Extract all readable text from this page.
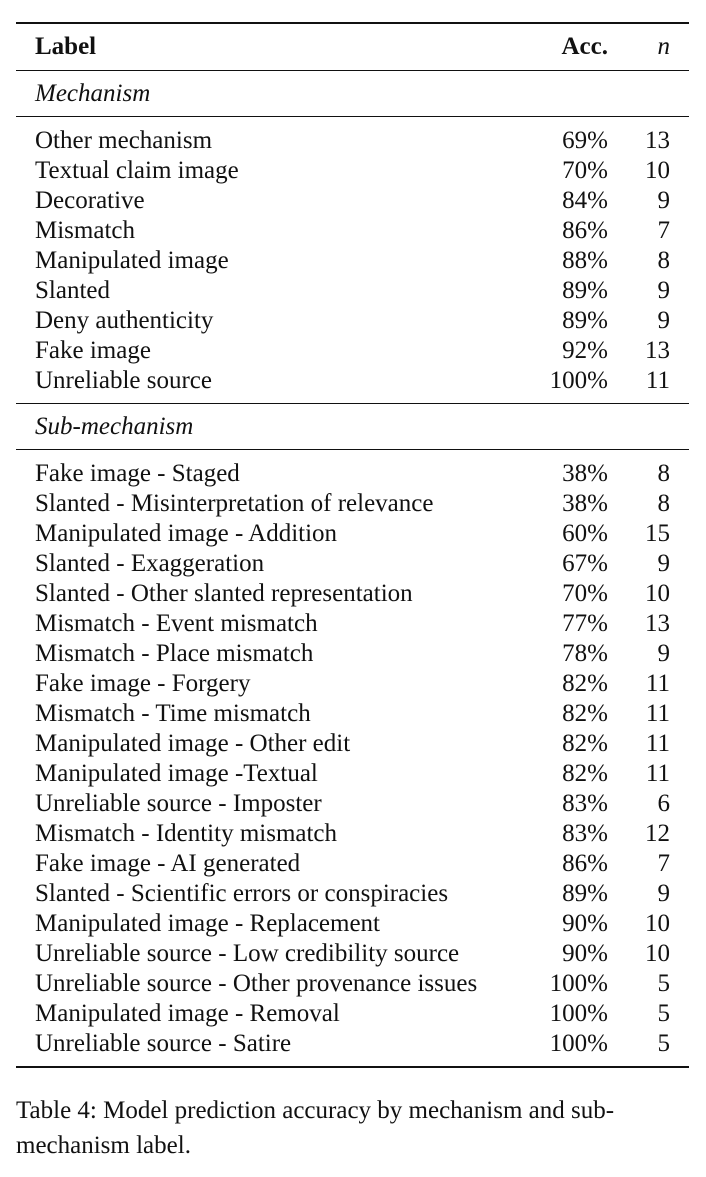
Label	Acc.	n
Mechanism		

Other mechanism	69%	13
Textual claim image	70%	10
Decorative	84%	9
Mismatch	86%	7
Manipulated image	88%	8
Slanted	89%	9
Deny authenticity	89%	9
Fake image	92%	13
Unreliable source	100%	11

Sub-mechanism		

Fake image - Staged	38%	8
Slanted - Misinterpretation of relevance	38%	8
Manipulated image - Addition	60%	15
Slanted - Exaggeration	67%	9
Slanted - Other slanted representation	70%	10
Mismatch - Event mismatch	77%	13
Mismatch - Place mismatch	78%	9
Fake image - Forgery	82%	11
Mismatch - Time mismatch	82%	11
Manipulated image - Other edit	82%	11
Manipulated image -Textual	82%	11
Unreliable source - Imposter	83%	6
Mismatch - Identity mismatch	83%	12
Fake image - AI generated	86%	7
Slanted - Scientific errors or conspiracies	89%	9
Manipulated image - Replacement	90%	10
Unreliable source - Low credibility source	90%	10
Unreliable source - Other provenance issues	100%	5
Manipulated image - Removal	100%	5
Unreliable source - Satire	100%	5

Table 4: Model prediction accuracy by mechanism and sub-mechanism label.
